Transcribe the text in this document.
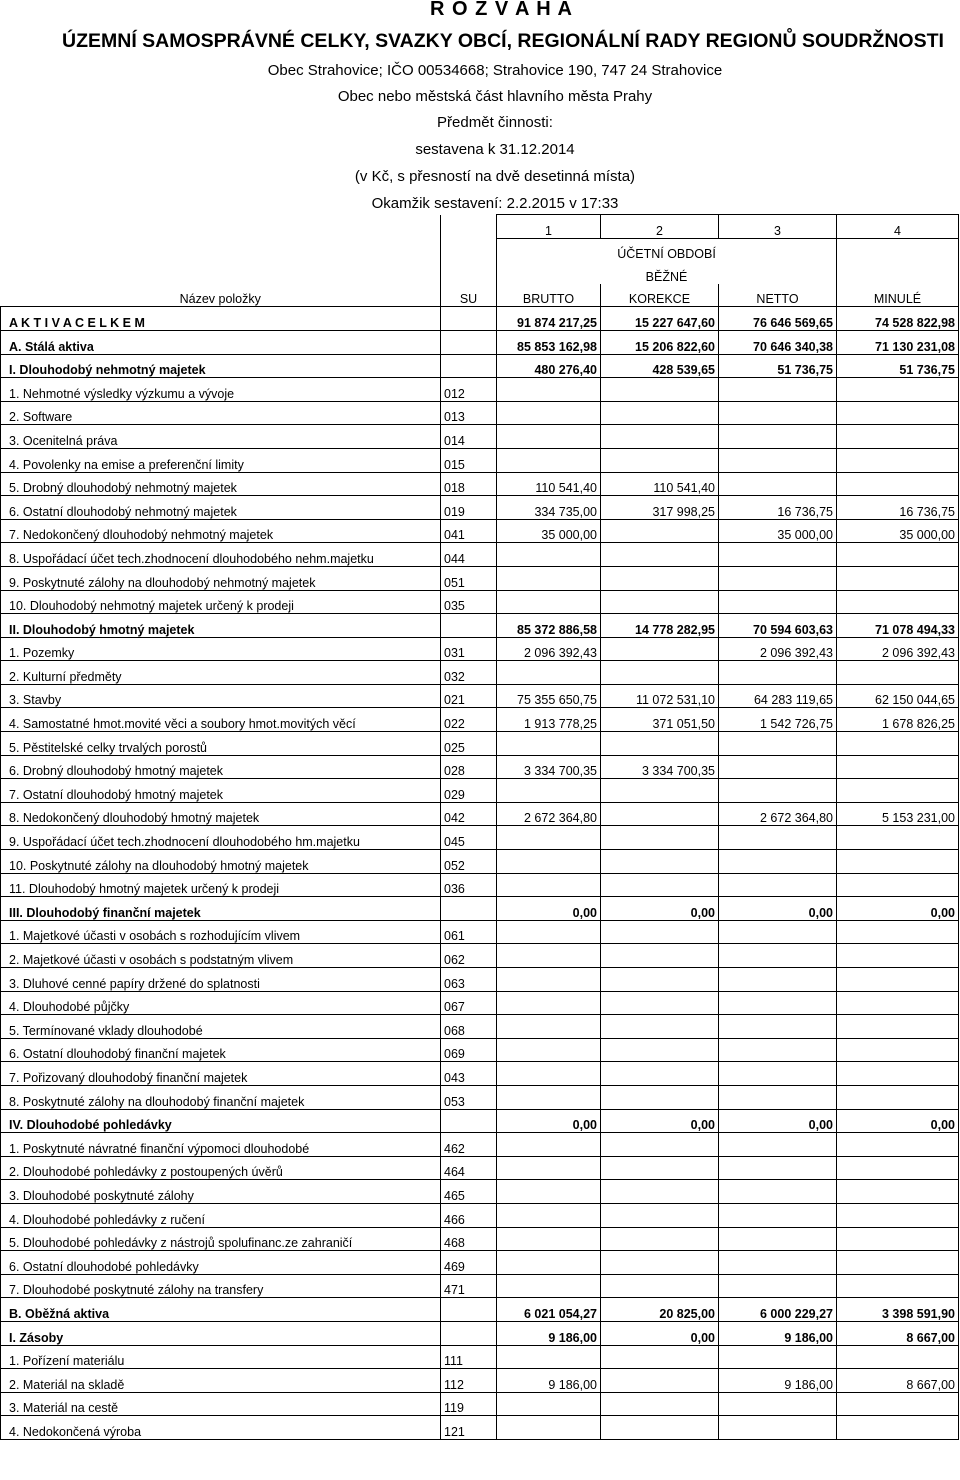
R O Z V A H A
ÚZEMNÍ SAMOSPRÁVNÉ CELKY, SVAZKY OBCÍ, REGIONÁLNÍ RADY REGIONŮ SOUDRŽNOSTI
Obec Strahovice; IČO 00534668; Strahovice 190, 747 24 Strahovice
Obec nebo městská část hlavního města Prahy
Předmět činnosti:
sestavena k 31.12.2014
(v Kč, s přesností na dvě desetinná místa)
Okamžik sestavení: 2.2.2015 v 17:33
Název položky	SU	1	2	3	4
		ÚČETNÍ OBDOBÍ			MINULÉ
		BĚŽNÉ			
		BRUTTO	KOREKCE	NETTO	
A K T I V A C E L K E M		91 874 217,25	15 227 647,60	76 646 569,65	74 528 822,98
A. Stálá aktiva		85 853 162,98	15 206 822,60	70 646 340,38	71 130 231,08
I. Dlouhodobý nehmotný majetek		480 276,40	428 539,65	51 736,75	51 736,75
1. Nehmotné výsledky výzkumu a vývoje	012				
2. Software	013				
3. Ocenitelná práva	014				
4. Povolenky na emise a preferenční limity	015				
5. Drobný dlouhodobý nehmotný majetek	018	110 541,40	110 541,40		
6. Ostatní dlouhodobý nehmotný majetek	019	334 735,00	317 998,25	16 736,75	16 736,75
7. Nedokončený dlouhodobý nehmotný majetek	041	35 000,00		35 000,00	35 000,00
8. Uspořádací účet tech.zhodnocení dlouhodobého nehm.majetku	044				
9. Poskytnuté zálohy na dlouhodobý nehmotný majetek	051				
10. Dlouhodobý nehmotný majetek určený k prodeji	035				
II. Dlouhodobý hmotný majetek		85 372 886,58	14 778 282,95	70 594 603,63	71 078 494,33
1. Pozemky	031	2 096 392,43		2 096 392,43	2 096 392,43
2. Kulturní předměty	032				
3. Stavby	021	75 355 650,75	11 072 531,10	64 283 119,65	62 150 044,65
4. Samostatné hmot.movité věci a soubory hmot.movitých věcí	022	1 913 778,25	371 051,50	1 542 726,75	1 678 826,25
5. Pěstitelské celky trvalých porostů	025				
6. Drobný dlouhodobý hmotný majetek	028	3 334 700,35	3 334 700,35		
7. Ostatní dlouhodobý hmotný majetek	029				
8. Nedokončený dlouhodobý hmotný majetek	042	2 672 364,80		2 672 364,80	5 153 231,00
9. Uspořádací účet tech.zhodnocení dlouhodobého hm.majetku	045				
10. Poskytnuté zálohy na dlouhodobý hmotný majetek	052				
11. Dlouhodobý hmotný majetek určený k prodeji	036				
III. Dlouhodobý finanční majetek		0,00	0,00	0,00	0,00
1. Majetkové účasti v osobách s rozhodujícím vlivem	061				
2. Majetkové účasti v osobách s podstatným vlivem	062				
3. Dluhové cenné papíry držené do splatnosti	063				
4. Dlouhodobé půjčky	067				
5. Termínované vklady dlouhodobé	068				
6. Ostatní dlouhodobý finanční majetek	069				
7. Pořizovaný dlouhodobý finanční majetek	043				
8. Poskytnuté zálohy na dlouhodobý finanční majetek	053				
IV. Dlouhodobé pohledávky		0,00	0,00	0,00	0,00
1. Poskytnuté návratné finanční výpomoci dlouhodobé	462				
2. Dlouhodobé pohledávky z postoupených úvěrů	464				
3. Dlouhodobé poskytnuté zálohy	465				
4. Dlouhodobé pohledávky z ručení	466				
5. Dlouhodobé pohledávky z nástrojů spolufinanc.ze zahraničí	468				
6. Ostatní dlouhodobé pohledávky	469				
7. Dlouhodobé poskytnuté zálohy na transfery	471				
B. Oběžná aktiva		6 021 054,27	20 825,00	6 000 229,27	3 398 591,90
I. Zásoby		9 186,00	0,00	9 186,00	8 667,00
1. Pořízení materiálu	111				
2. Materiál na skladě	112	9 186,00		9 186,00	8 667,00
3. Materiál na cestě	119				
4. Nedokončená výroba	121				
